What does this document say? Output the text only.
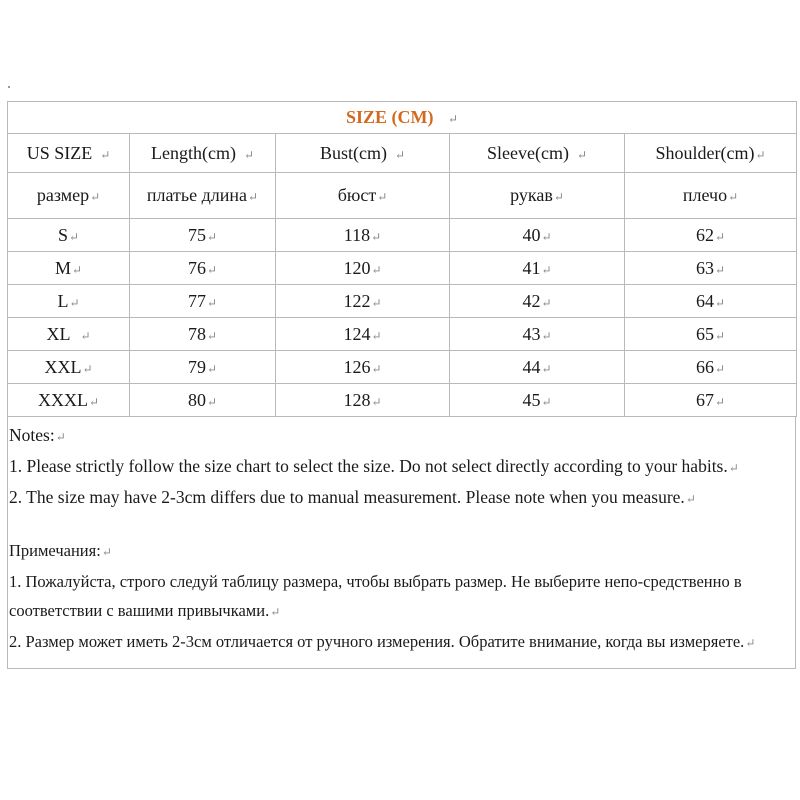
SIZE (CM) ↵				
US SIZE ↵	Length(cm) ↵	Bust(cm) ↵	Sleeve(cm) ↵	Shoulder(cm)↵
размер↵	платье длина↵	бюст↵	рукав↵	плечо↵
S↵	75↵	118↵	40↵	62↵
M↵	76↵	120↵	41↵	63↵
L↵	77↵	122↵	42↵	64↵
XL ↵	78↵	124↵	43↵	65↵
XXL↵	79↵	126↵	44↵	66↵
XXXL↵	80↵	128↵	45↵	67↵

Notes:↵

1. Please strictly follow the size chart to select the size. Do not select directly according to your habits.↵

2. The size may have 2-3cm differs due to manual measurement. Please note when you measure.↵

Примечания:↵

1. Пожалуйста, строго следуй таблицу размера, чтобы выбрать размер. Не выберите непо-средственно в соответствии с вашими привычками.↵

2. Размер может иметь 2-3см отличается от ручного измерения. Обратите внимание, когда вы измеряете.↵
